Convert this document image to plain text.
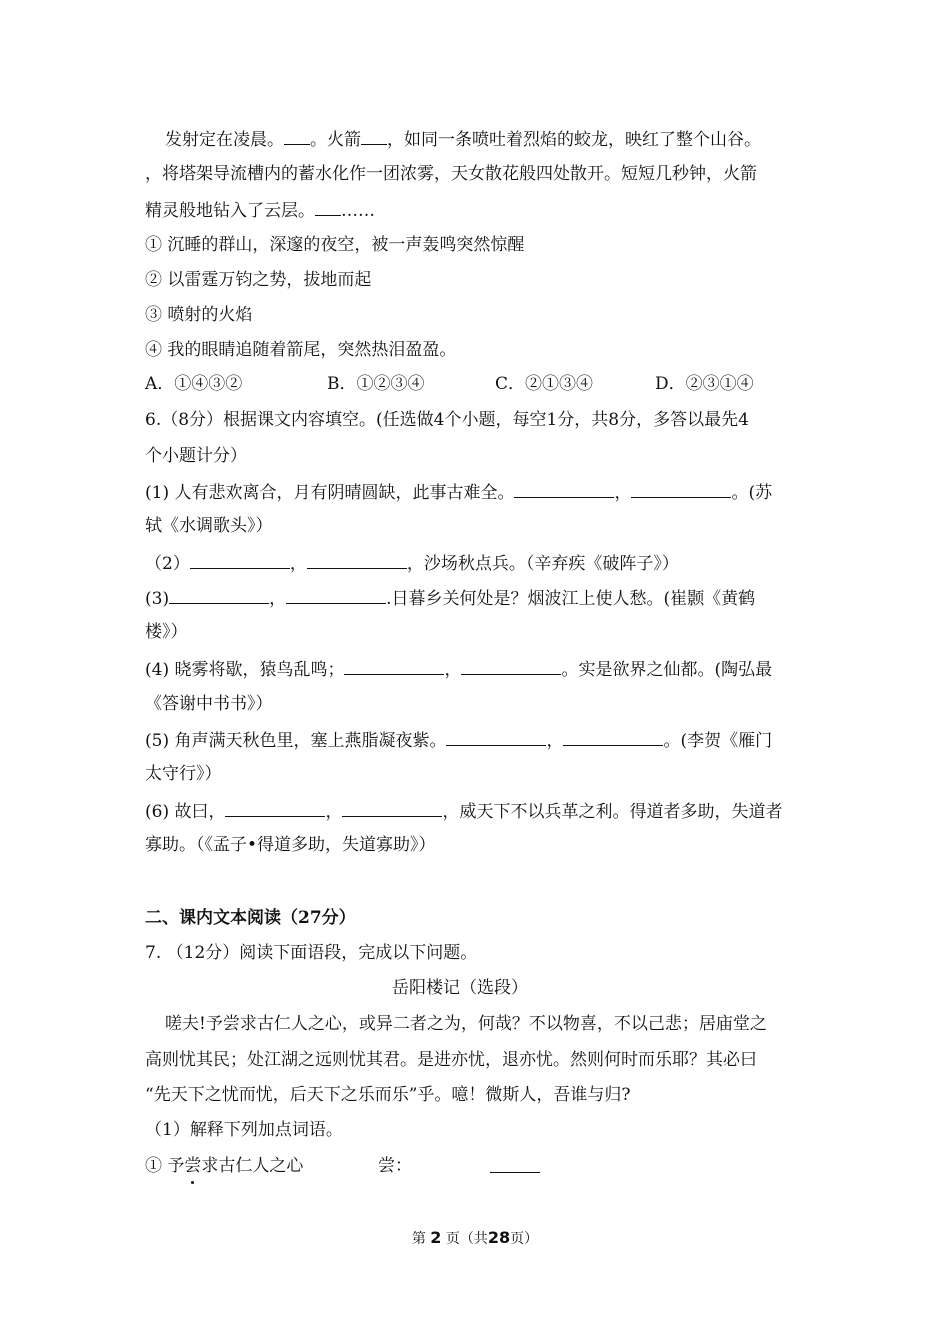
发射定在凌晨。 。火箭 ，如同一条喷吐着烈焰的蛟龙，映红了整个山谷。
，将塔架导流槽内的蓄水化作一团浓雾，天女散花般四处散开。短短几秒钟，火箭
精灵般地钻入了云层。 ……
① 沉睡的群山，深邃的夜空，被一声轰鸣突然惊醒
② 以雷霆万钧之势，拔地而起
③ 喷射的火焰
④ 我的眼睛追随着箭尾，突然热泪盈盈。
A．①④③②	B．①②③④	C．②①③④	D．②③①④
6.（8分）根据课文内容填空。(任选做4个小题，每空1分，共8分，多答以最先4
个小题计分）
(1) 人有悲欢离合，月有阴晴圆缺，此事古难全。	，	。(苏
轼《水调歌头》）
（2）	，	，沙场秋点兵。（辛弃疾《破阵子》）
(3)	，	.日暮乡关何处是？烟波江上使人愁。(崔颢《黄鹤
楼》）
(4) 晓雾将歇，猿鸟乱鸣；	，	。实是欲界之仙都。(陶弘最
《答谢中书书》）
(5) 角声满天秋色里，塞上燕脂凝夜紫。	，	。(李贺《雁门
太守行》）
(6) 故曰，	，	，威天下不以兵革之利。得道者多助，失道者
寡助。（《孟子•得道多助，失道寡助》）
二、课内文本阅读（27分）
7. （12分）阅读下面语段，完成以下问题。
岳阳楼记（选段）
嗟夫!予尝求古仁人之心，或异二者之为，何哉？不以物喜，不以己悲；居庙堂之
高则忧其民；处江湖之远则忧其君。是进亦忧，退亦忧。然则何时而乐耶？其必曰
“先天下之忧而忧，后天下之乐而乐”乎。噫！微斯人，吾谁与归?
（1）解释下列加点词语。
① 予尝求古仁人之心	尝：
第 2 页（共28页）
